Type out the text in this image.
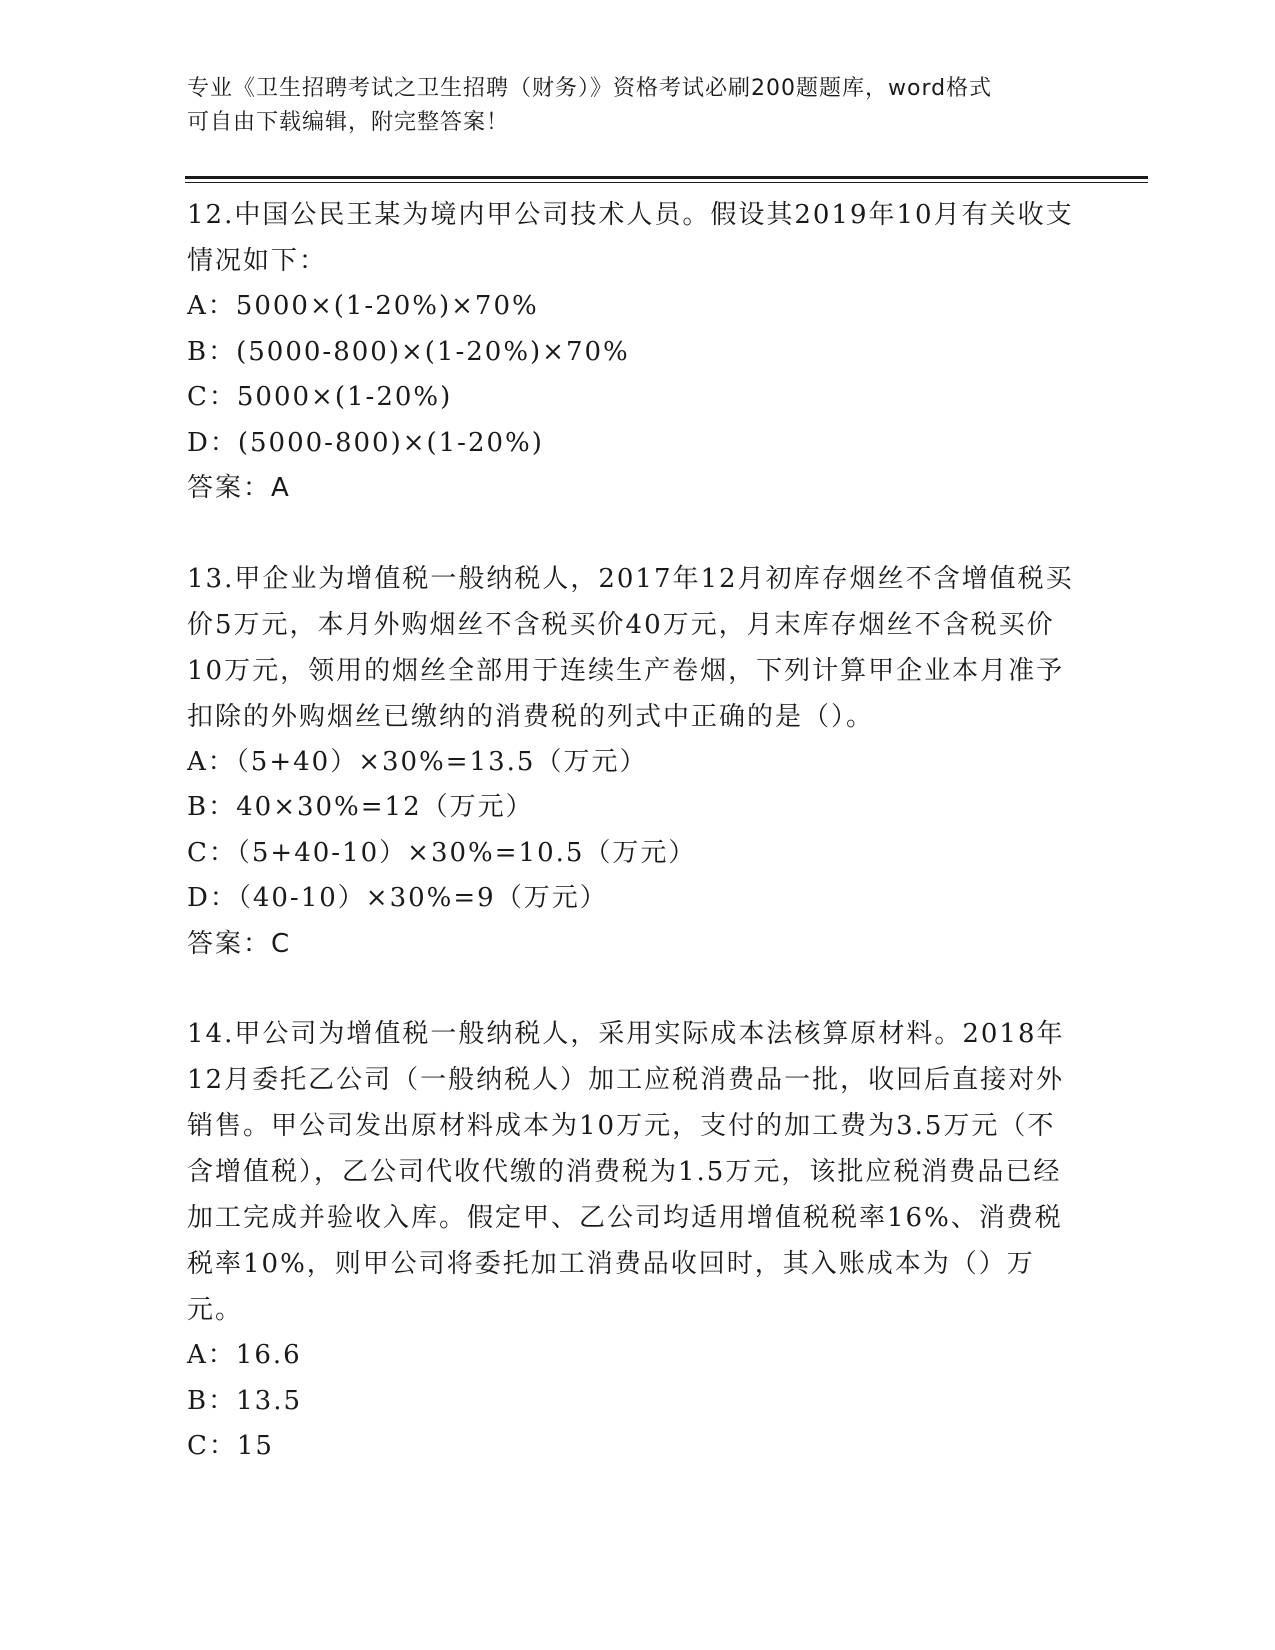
专业《卫生招聘考试之卫生招聘（财务）》资格考试必刷200题题库，word格式
可自由下载编辑，附完整答案！

12.中国公民王某为境内甲公司技术人员。假设其2019年10月有关收支情况如下：

A：5000×(1-20%)×70%

B：(5000-800)×(1-20%)×70%

C：5000×(1-20%)

D：(5000-800)×(1-20%)

答案：A

13.甲企业为增值税一般纳税人，2017年12月初库存烟丝不含增值税买价5万元，本月外购烟丝不含税买价40万元，月末库存烟丝不含税买价10万元，领用的烟丝全部用于连续生产卷烟，下列计算甲企业本月准予扣除的外购烟丝已缴纳的消费税的列式中正确的是（）。

A：（5+40）×30%=13.5（万元）

B：40×30%=12（万元）

C：（5+40-10）×30%=10.5（万元）

D：（40-10）×30%=9（万元）

答案：C

14.甲公司为增值税一般纳税人，采用实际成本法核算原材料。2018年12月委托乙公司（一般纳税人）加工应税消费品一批，收回后直接对外销售。甲公司发出原材料成本为10万元，支付的加工费为3.5万元（不含增值税），乙公司代收代缴的消费税为1.5万元，该批应税消费品已经加工完成并验收入库。假定甲、乙公司均适用增值税税率16%、消费税税率10%，则甲公司将委托加工消费品收回时，其入账成本为（）万元。

A：16.6

B：13.5

C：15
